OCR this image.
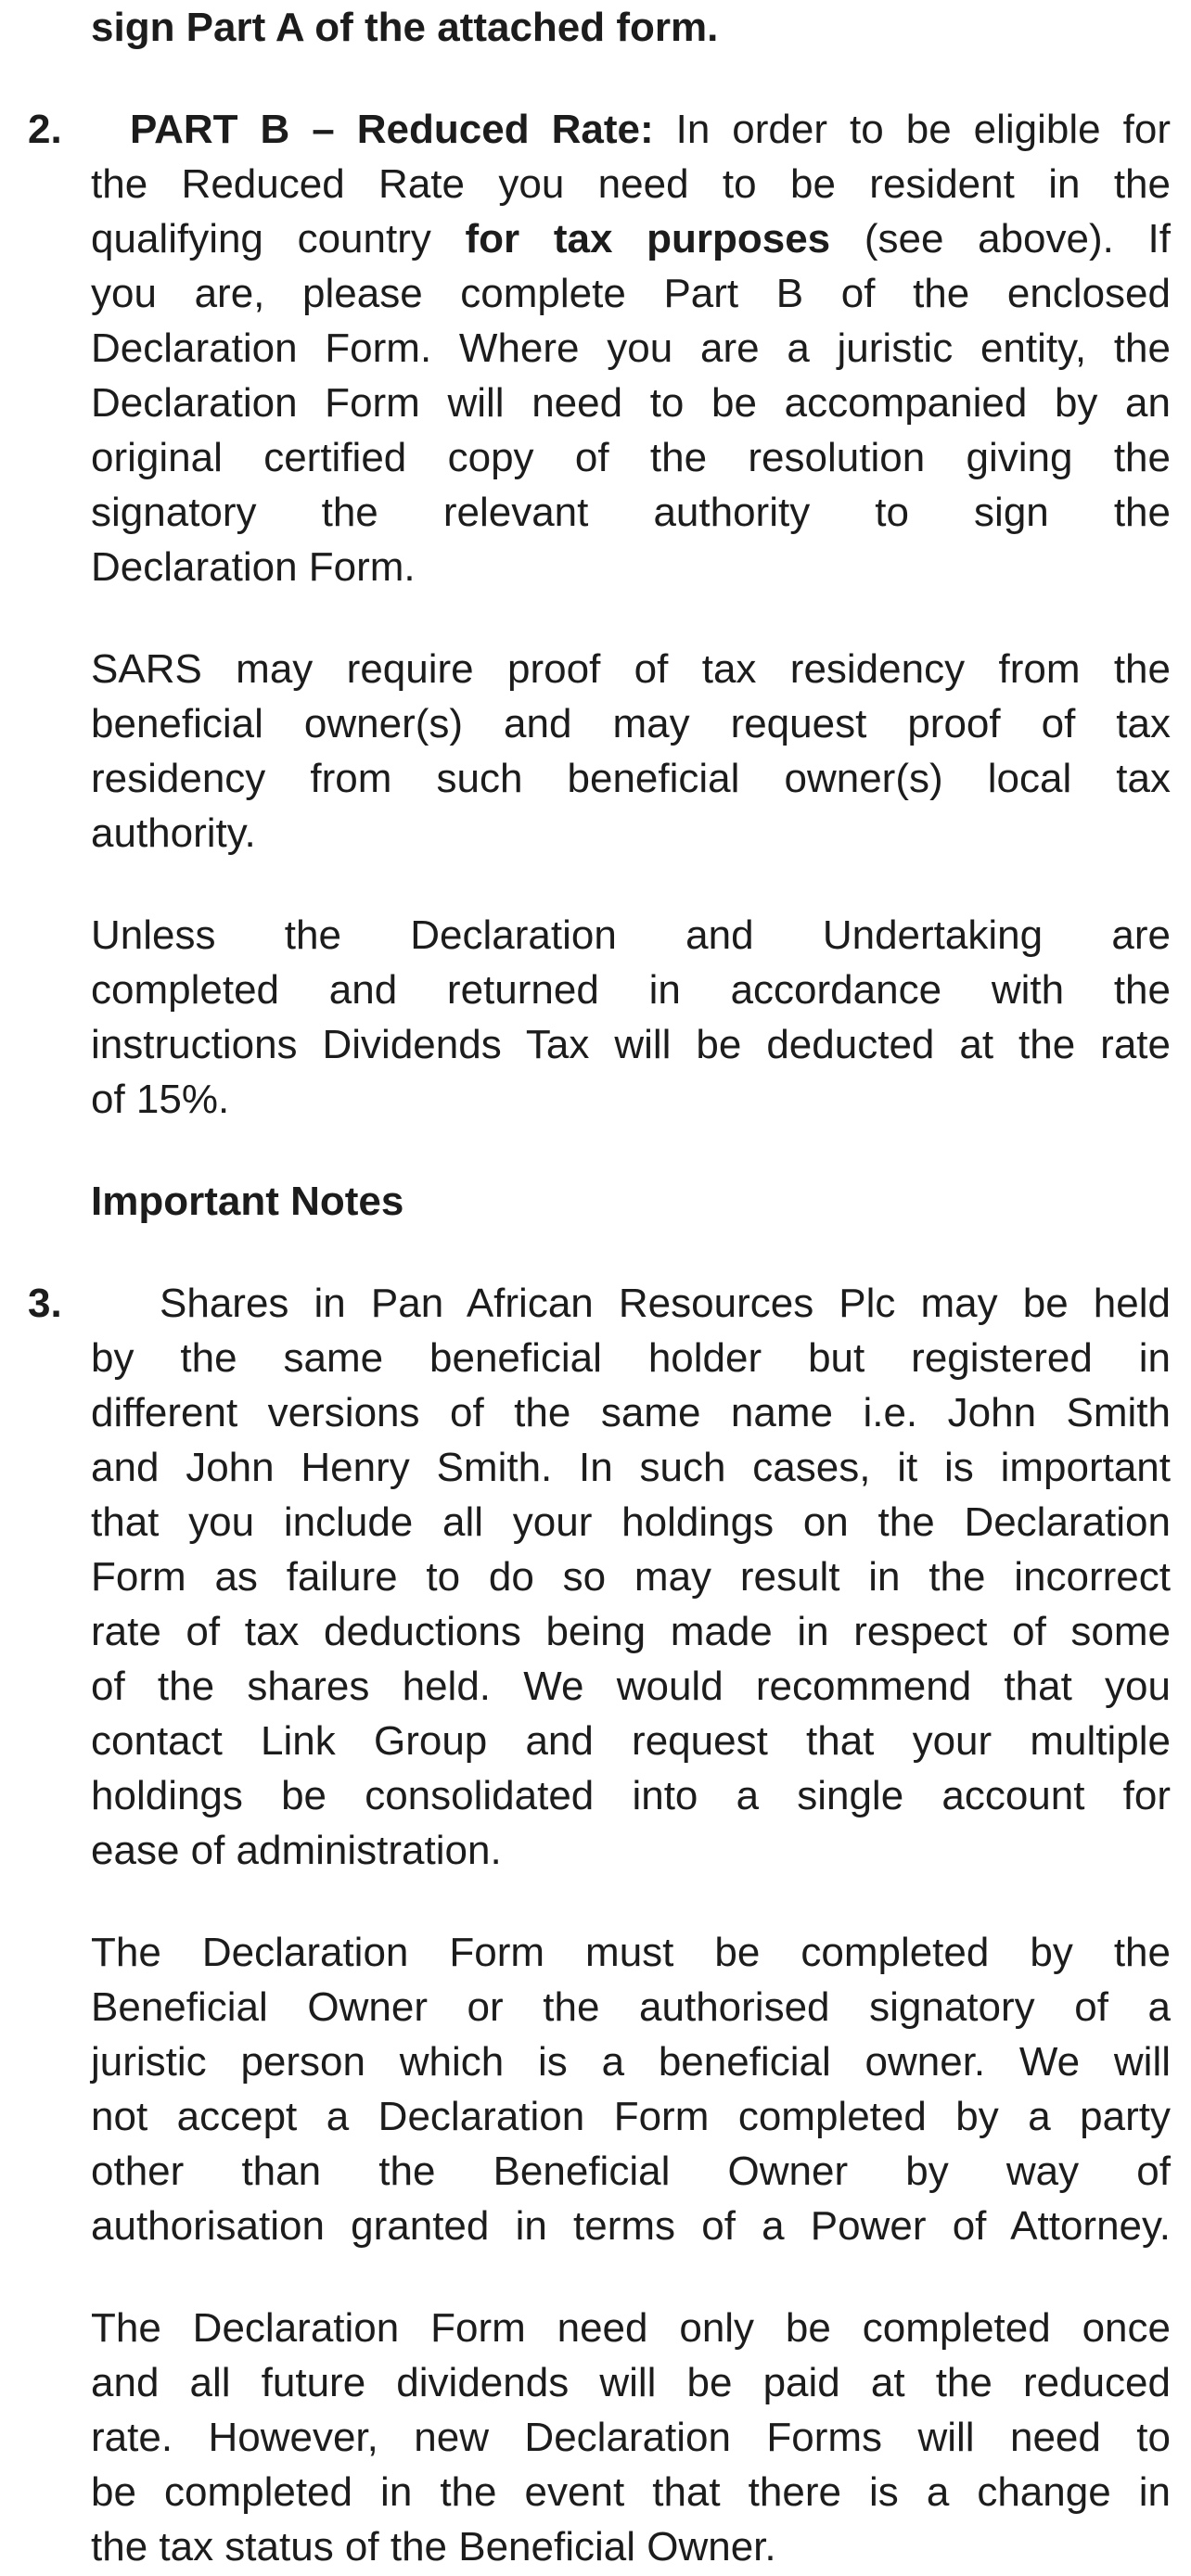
sign Part A of the attached form.
2. PART B – Reduced Rate: In order to be eligible for
the Reduced Rate you need to be resident in the
qualifying country for tax purposes (see above). If
you are, please complete Part B of the enclosed
Declaration Form. Where you are a juristic entity, the
Declaration Form will need to be accompanied by an
original certified copy of the resolution giving the
signatory the relevant authority to sign the
Declaration Form.
SARS may require proof of tax residency from the
beneficial owner(s) and may request proof of tax
residency from such beneficial owner(s) local tax
authority.
Unless the Declaration and Undertaking are
completed and returned in accordance with the
instructions Dividends Tax will be deducted at the rate
of 15%.
Important Notes
3. Shares in Pan African Resources Plc may be held
by the same beneficial holder but registered in
different versions of the same name i.e. John Smith
and John Henry Smith. In such cases, it is important
that you include all your holdings on the Declaration
Form as failure to do so may result in the incorrect
rate of tax deductions being made in respect of some
of the shares held. We would recommend that you
contact Link Group and request that your multiple
holdings be consolidated into a single account for
ease of administration.
The Declaration Form must be completed by the
Beneficial Owner or the authorised signatory of a
juristic person which is a beneficial owner. We will
not accept a Declaration Form completed by a party
other than the Beneficial Owner by way of
authorisation granted in terms of a Power of Attorney.
The Declaration Form need only be completed once
and all future dividends will be paid at the reduced
rate. However, new Declaration Forms will need to
be completed in the event that there is a change in
the tax status of the Beneficial Owner.
